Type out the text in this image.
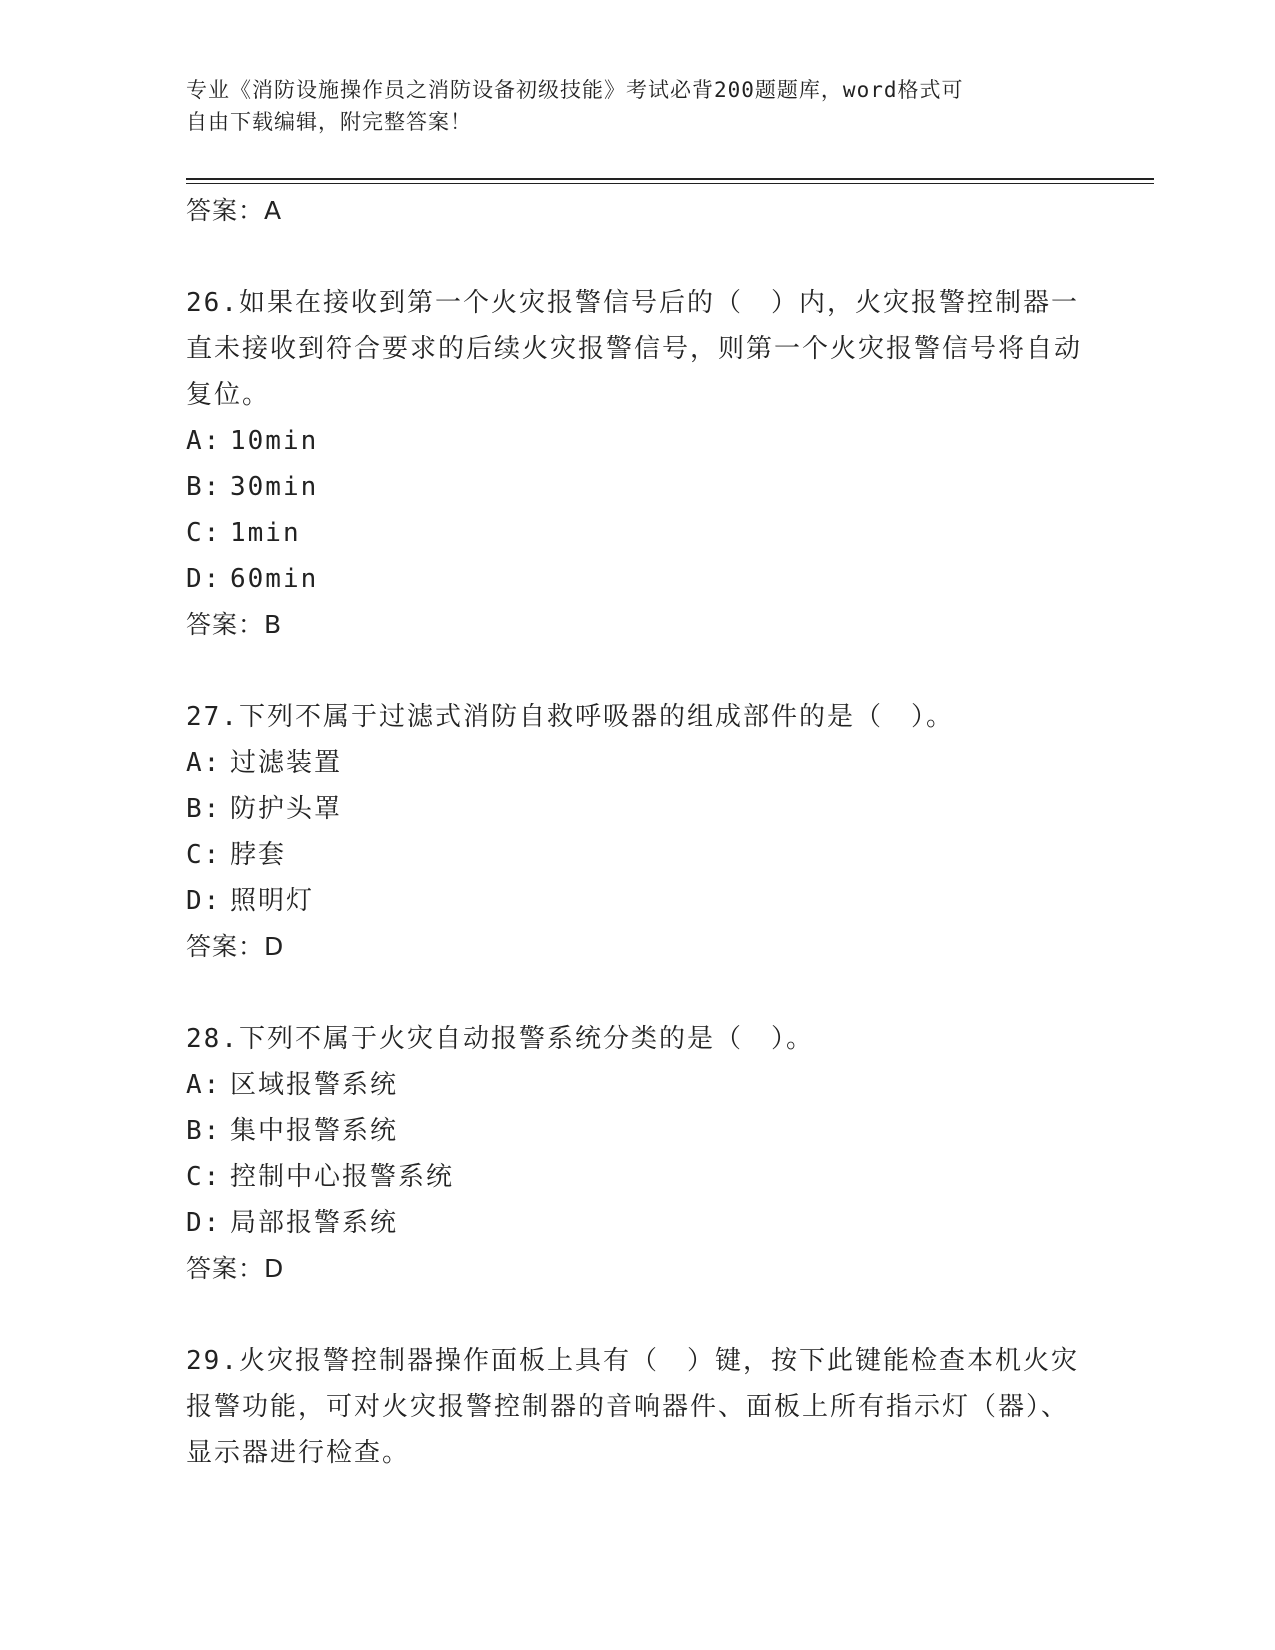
专业《消防设施操作员之消防设备初级技能》考试必背200题题库，word格式可
自由下载编辑，附完整答案！
答案：A

26.如果在接收到第一个火灾报警信号后的（　）内，火灾报警控制器一直未接收到符合要求的后续火灾报警信号，则第一个火灾报警信号将自动复位。

A: 10min
B: 30min
C: 1min
D: 60min
答案：B

27.下列不属于过滤式消防自救呼吸器的组成部件的是（　）。

A: 过滤装置
B: 防护头罩
C: 脖套
D: 照明灯
答案：D

28.下列不属于火灾自动报警系统分类的是（　）。

A: 区域报警系统
B: 集中报警系统
C: 控制中心报警系统
D: 局部报警系统
答案：D

29.火灾报警控制器操作面板上具有（　）键，按下此键能检查本机火灾报警功能，可对火灾报警控制器的音响器件、面板上所有指示灯（器）、显示器进行检查。
